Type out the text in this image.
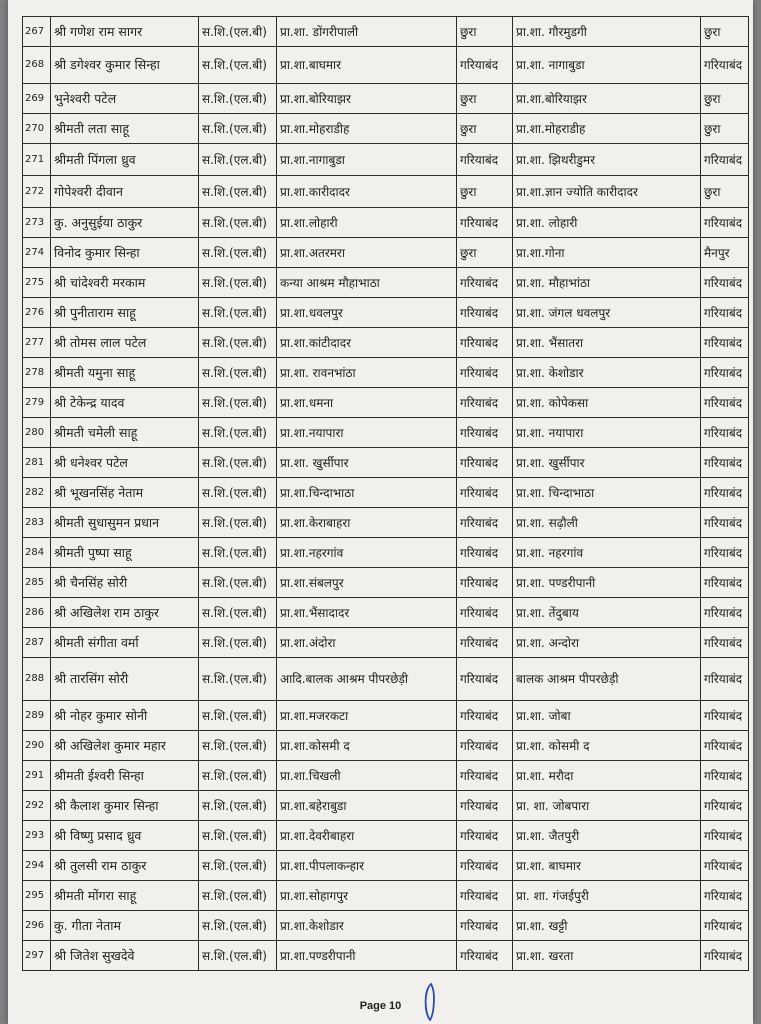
267	श्री गणेश राम सागर	स.शि.(एल.बी)	प्रा.शा. डोंगरीपाली	छुरा	प्रा.शा. गौरमुडगी	छुरा
268	श्री डगेश्वर कुमार सिन्हा	स.शि.(एल.बी)	प्रा.शा.बाघमार	गरियाबंद	प्रा.शा. नागाबुडा	गरियाबंद
269	भुनेश्वरी पटेल	स.शि.(एल.बी)	प्रा.शा.बोरियाझर	छुरा	प्रा.शा.बोरियाझर	छुरा
270	श्रीमती लता साहू	स.शि.(एल.बी)	प्रा.शा.मोहराडीह	छुरा	प्रा.शा.मोहराडीह	छुरा
271	श्रीमती पिंगला ध्रुव	स.शि.(एल.बी)	प्रा.शा.नागाबुडा	गरियाबंद	प्रा.शा. झिथरीडुमर	गरियाबंद
272	गोपेश्वरी दीवान	स.शि.(एल.बी)	प्रा.शा.कारीदादर	छुरा	प्रा.शा.ज्ञान ज्योति कारीदादर	छुरा
273	कु. अनुसुईया ठाकुर	स.शि.(एल.बी)	प्रा.शा.लोहारी	गरियाबंद	प्रा.शा. लोहारी	गरियाबंद
274	विनोद कुमार सिन्हा	स.शि.(एल.बी)	प्रा.शा.अतरमरा	छुरा	प्रा.शा.गोना	मैनपुर
275	श्री चांदेश्वरी मरकाम	स.शि.(एल.बी)	कन्या आश्रम मौहाभाठा	गरियाबंद	प्रा.शा. मौहाभांठा	गरियाबंद
276	श्री पुनीताराम साहू	स.शि.(एल.बी)	प्रा.शा.धवलपुर	गरियाबंद	प्रा.शा. जंगल धवलपुर	गरियाबंद
277	श्री तोमस लाल पटेल	स.शि.(एल.बी)	प्रा.शा.कांटीदादर	गरियाबंद	प्रा.शा. भैंसातरा	गरियाबंद
278	श्रीमती यमुना साहू	स.शि.(एल.बी)	प्रा.शा. रावनभांठा	गरियाबंद	प्रा.शा. केशोडार	गरियाबंद
279	श्री टेकेन्द्र यादव	स.शि.(एल.बी)	प्रा.शा.धमना	गरियाबंद	प्रा.शा. कोपेकसा	गरियाबंद
280	श्रीमती चमेली साहू	स.शि.(एल.बी)	प्रा.शा.नयापारा	गरियाबंद	प्रा.शा. नयापारा	गरियाबंद
281	श्री धनेश्वर पटेल	स.शि.(एल.बी)	प्रा.शा. खुर्सीपार	गरियाबंद	प्रा.शा. खुर्सीपार	गरियाबंद
282	श्री भूखनसिंह नेताम	स.शि.(एल.बी)	प्रा.शा.चिन्दाभाठा	गरियाबंद	प्रा.शा. चिन्दाभाठा	गरियाबंद
283	श्रीमती सुधासुमन प्रधान	स.शि.(एल.बी)	प्रा.शा.केराबाहरा	गरियाबंद	प्रा.शा. सढ़ौली	गरियाबंद
284	श्रीमती पुष्पा साहू	स.शि.(एल.बी)	प्रा.शा.नहरगांव	गरियाबंद	प्रा.शा. नहरगांव	गरियाबंद
285	श्री चैनसिंह सोरी	स.शि.(एल.बी)	प्रा.शा.संबलपुर	गरियाबंद	प्रा.शा. पण्डरीपानी	गरियाबंद
286	श्री अखिलेश राम ठाकुर	स.शि.(एल.बी)	प्रा.शा.भैंसादादर	गरियाबंद	प्रा.शा. तेंदुबाय	गरियाबंद
287	श्रीमती संगीता वर्मा	स.शि.(एल.बी)	प्रा.शा.अंदोरा	गरियाबंद	प्रा.शा. अन्दोरा	गरियाबंद
288	श्री तारसिंग सोरी	स.शि.(एल.बी)	आदि.बालक आश्रम पीपरछेड़ी	गरियाबंद	बालक आश्रम पीपरछेड़ी	गरियाबंद
289	श्री नोहर कुमार सोनी	स.शि.(एल.बी)	प्रा.शा.मजरकटा	गरियाबंद	प्रा.शा. जोबा	गरियाबंद
290	श्री अखिलेश कुमार महार	स.शि.(एल.बी)	प्रा.शा.कोसमी द	गरियाबंद	प्रा.शा. कोसमी द	गरियाबंद
291	श्रीमती ईश्वरी सिन्हा	स.शि.(एल.बी)	प्रा.शा.चिखली	गरियाबंद	प्रा.शा. मरौदा	गरियाबंद
292	श्री कैलाश कुमार सिन्हा	स.शि.(एल.बी)	प्रा.शा.बहेराबुडा	गरियाबंद	प्रा. शा. जोबपारा	गरियाबंद
293	श्री विष्णु प्रसाद ध्रुव	स.शि.(एल.बी)	प्रा.शा.देवरीबाहरा	गरियाबंद	प्रा.शा. जैतपुरी	गरियाबंद
294	श्री तुलसी राम ठाकुर	स.शि.(एल.बी)	प्रा.शा.पीपलाकन्हार	गरियाबंद	प्रा.शा. बाघमार	गरियाबंद
295	श्रीमती मोंगरा साहू	स.शि.(एल.बी)	प्रा.शा.सोहागपुर	गरियाबंद	प्रा. शा. गंजईपुरी	गरियाबंद
296	कु. गीता नेताम	स.शि.(एल.बी)	प्रा.शा.केशोडार	गरियाबंद	प्रा.शा. खट्टी	गरियाबंद
297	श्री जितेश सुखदेवे	स.शि.(एल.बी)	प्रा.शा.पण्डरीपानी	गरियाबंद	प्रा.शा. खरता	गरियाबंद
Page 10
